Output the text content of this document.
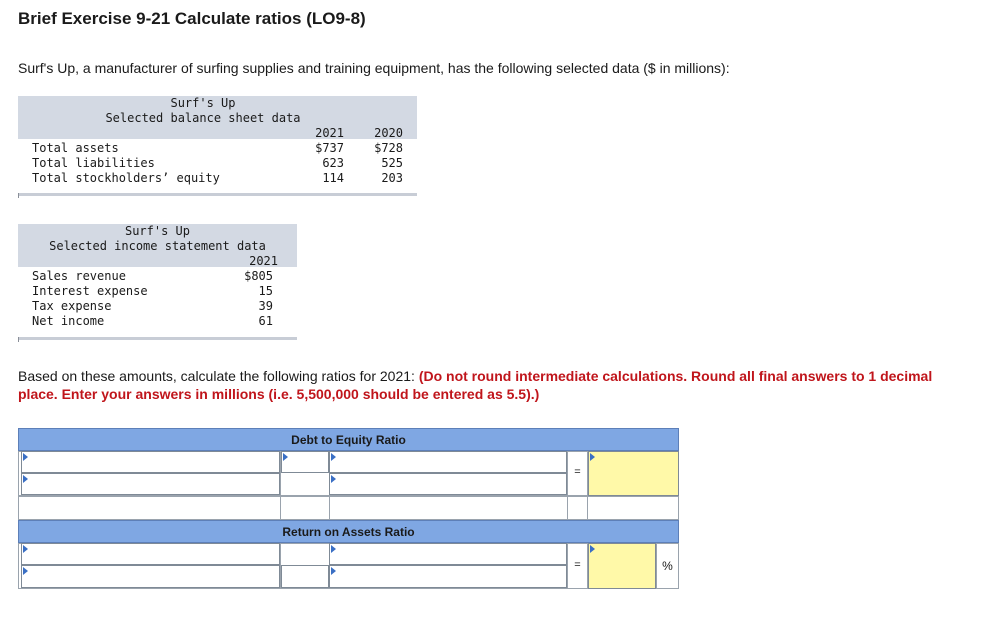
Brief Exercise 9-21 Calculate ratios (LO9-8)
Surf's Up, a manufacturer of surfing supplies and training equipment, has the following selected data ($ in millions):
Surf's Up
Selected balance sheet data
2021	2020
Total assets	$737	$728
Total liabilities	623	525
Total stockholders’ equity	114	203
Surf's Up
Selected income statement data
2021
Sales revenue	$805
Interest expense	15
Tax expense	39
Net income	61
Based on these amounts, calculate the following ratios for 2021: (Do not round intermediate calculations. Round all final answers to 1 decimal place. Enter your answers in millions (i.e. 5,500,000 should be entered as 5.5).)
Debt to Equity Ratio
=
Return on Assets Ratio
=	%
